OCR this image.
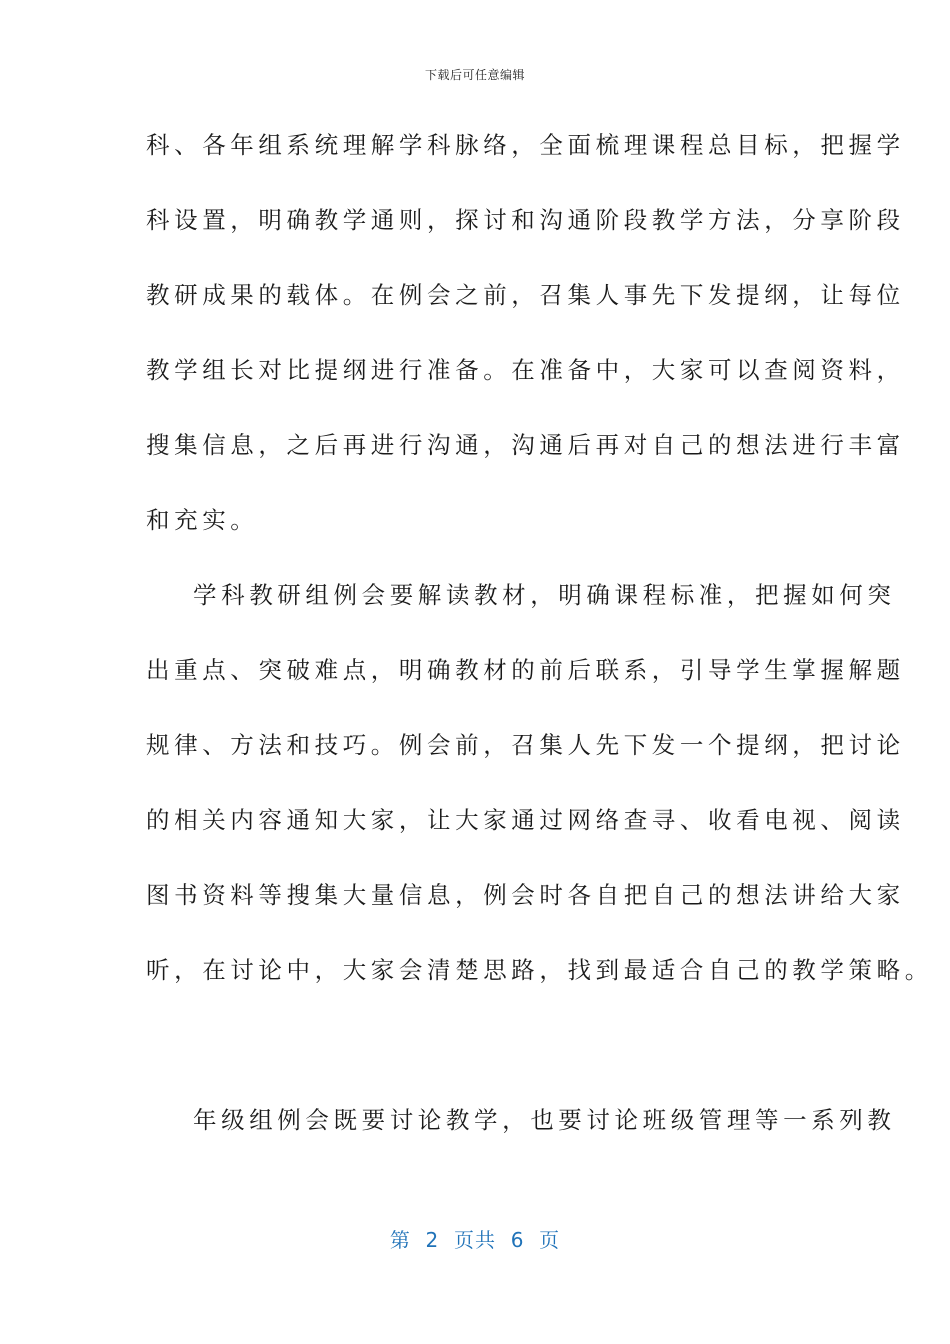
下载后可任意编辑
科、各年组系统理解学科脉络，全面梳理课程总目标，把握学
科设置，明确教学通则，探讨和沟通阶段教学方法，分享阶段
教研成果的载体。在例会之前，召集人事先下发提纲，让每位
教学组长对比提纲进行准备。在准备中，大家可以查阅资料，
搜集信息，之后再进行沟通，沟通后再对自己的想法进行丰富
和充实。
学科教研组例会要解读教材，明确课程标准，把握如何突
出重点、突破难点，明确教材的前后联系，引导学生掌握解题
规律、方法和技巧。例会前，召集人先下发一个提纲，把讨论
的相关内容通知大家，让大家通过网络查寻、收看电视、阅读
图书资料等搜集大量信息，例会时各自把自己的想法讲给大家
听，在讨论中，大家会清楚思路，找到最适合自己的教学策略。
年级组例会既要讨论教学，也要讨论班级管理等一系列教
第  2  页共  6  页
